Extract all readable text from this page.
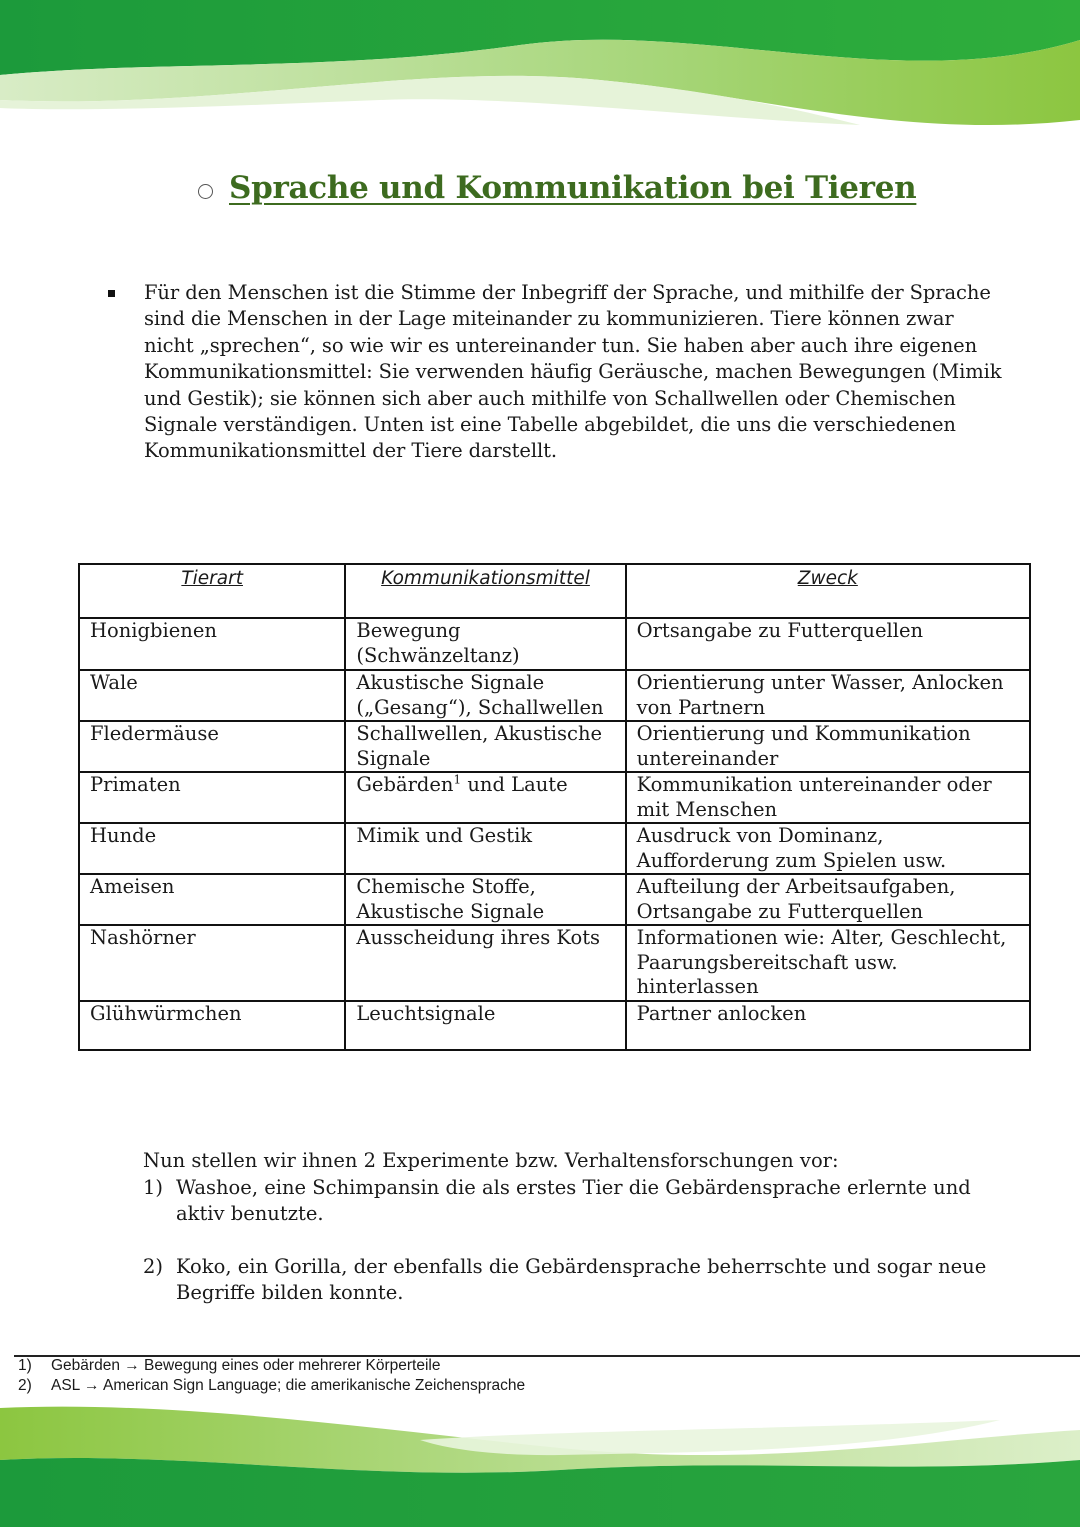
Sprache und Kommunikation bei Tieren
Für den Menschen ist die Stimme der Inbegriff der Sprache, und mithilfe der Sprache sind die Menschen in der Lage miteinander zu kommunizieren. Tiere können zwar nicht „sprechen“, so wie wir es untereinander tun. Sie haben aber auch ihre eigenen Kommunikationsmittel: Sie verwenden häufig Geräusche, machen Bewegungen (Mimik und Gestik); sie können sich aber auch mithilfe von Schallwellen oder Chemischen Signale verständigen. Unten ist eine Tabelle abgebildet, die uns die verschiedenen Kommunikationsmittel der Tiere darstellt.
Tierart	Kommunikationsmittel	Zweck
Honigbienen	Bewegung (Schwänzeltanz)	Ortsangabe zu Futterquellen
Wale	Akustische Signale („Gesang“), Schallwellen	Orientierung unter Wasser, Anlocken von Partnern
Fledermäuse	Schallwellen, Akustische Signale	Orientierung und Kommunikation untereinander
Primaten	Gebärden$^1$ und Laute	Kommunikation untereinander oder mit Menschen
Hunde	Mimik und Gestik	Ausdruck von Dominanz, Aufforderung zum Spielen usw.
Ameisen	Chemische Stoffe, Akustische Signale	Aufteilung der Arbeitsaufgaben, Ortsangabe zu Futterquellen
Nashörner	Ausscheidung ihres Kots	Informationen wie: Alter, Geschlecht, Paarungsbereitschaft usw. hinterlassen
Glühwürmchen	Leuchtsignale	Partner anlocken
Nun stellen wir ihnen 2 Experimente bzw. Verhaltensforschungen vor:
1) Washoe, eine Schimpansin die als erstes Tier die Gebärdensprache erlernte und aktiv benutzte.
2) Koko, ein Gorilla, der ebenfalls die Gebärdensprache beherrschte und sogar neue Begriffe bilden konnte.
1)	Gebärden → Bewegung eines oder mehrerer Körperteile
2)	ASL → American Sign Language; die amerikanische Zeichensprache
